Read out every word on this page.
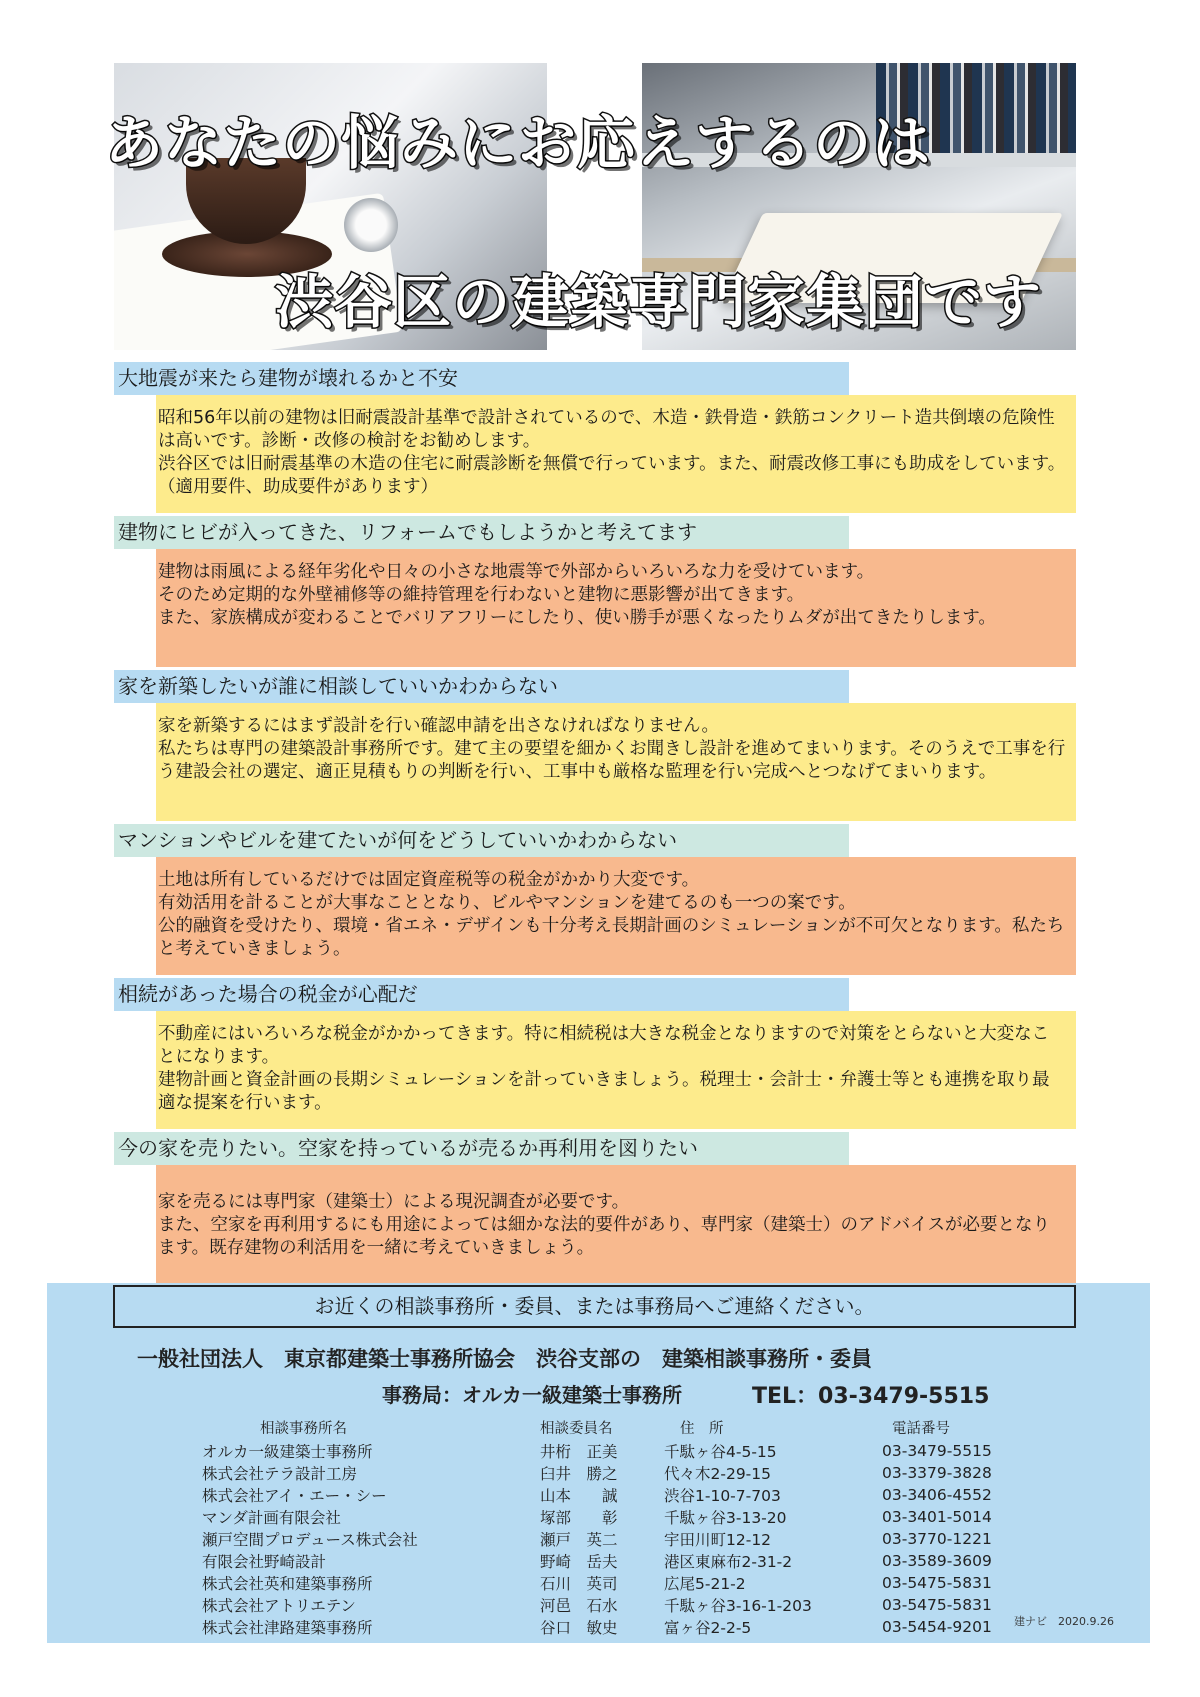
あなたの悩みにお応えするのは
渋谷区の建築専門家集団です
大地震が来たら建物が壊れるかと不安
昭和56年以前の建物は旧耐震設計基準で設計されているので、木造・鉄骨造・鉄筋コンクリート造共倒壊の危険性は高いです。診断・改修の検討をお勧めします。
渋谷区では旧耐震基準の木造の住宅に耐震診断を無償で行っています。また、耐震改修工事にも助成をしています。（適用要件、助成要件があります）
建物にヒビが入ってきた、リフォームでもしようかと考えてます
建物は雨風による経年劣化や日々の小さな地震等で外部からいろいろな力を受けています。
そのため定期的な外壁補修等の維持管理を行わないと建物に悪影響が出てきます。
また、家族構成が変わることでバリアフリーにしたり、使い勝手が悪くなったりムダが出てきたりします。
家を新築したいが誰に相談していいかわからない
家を新築するにはまず設計を行い確認申請を出さなければなりません。
私たちは専門の建築設計事務所です。建て主の要望を細かくお聞きし設計を進めてまいります。そのうえで工事を行う建設会社の選定、適正見積もりの判断を行い、工事中も厳格な監理を行い完成へとつなげてまいります。
マンションやビルを建てたいが何をどうしていいかわからない
土地は所有しているだけでは固定資産税等の税金がかかり大変です。
有効活用を計ることが大事なこととなり、ビルやマンションを建てるのも一つの案です。
公的融資を受けたり、環境・省エネ・デザインも十分考え長期計画のシミュレーションが不可欠となります。私たちと考えていきましょう。
相続があった場合の税金が心配だ
不動産にはいろいろな税金がかかってきます。特に相続税は大きな税金となりますので対策をとらないと大変なことになります。
建物計画と資金計画の長期シミュレーションを計っていきましょう。税理士・会計士・弁護士等とも連携を取り最適な提案を行います。
今の家を売りたい。空家を持っているが売るか再利用を図りたい
家を売るには専門家（建築士）による現況調査が必要です。
また、空家を再利用するにも用途によっては細かな法的要件があり、専門家（建築士）のアドバイスが必要となります。既存建物の利活用を一緒に考えていきましょう。
お近くの相談事務所・委員、または事務局へご連絡ください。
一般社団法人　東京都建築士事務所協会　渋谷支部の　建築相談事務所・委員
事務局：オルカ一級建築士事務所	TEL：03-3479-5515
相談事務所名	相談委員名	住　所	電話番号
オルカ一級建築士事務所	井桁　正美	千駄ヶ谷4-5-15	03-3479-5515
株式会社テラ設計工房	臼井　勝之	代々木2-29-15	03-3379-3828
株式会社アイ・エー・シー	山本　　誠	渋谷1-10-7-703	03-3406-4552
マンダ計画有限会社	塚部　　彰	千駄ヶ谷3-13-20	03-3401-5014
瀬戸空間プロデュース株式会社	瀬戸　英二	宇田川町12-12	03-3770-1221
有限会社野崎設計	野崎　岳夫	港区東麻布2-31-2	03-3589-3609
株式会社英和建築事務所	石川　英司	広尾5-21-2	03-5475-5831
株式会社アトリエテン	河邑　石水	千駄ヶ谷3-16-1-203	03-5475-5831
株式会社津路建築事務所	谷口　敏史	富ヶ谷2-2-5	03-5454-9201 建ナビ　2020.9.26
